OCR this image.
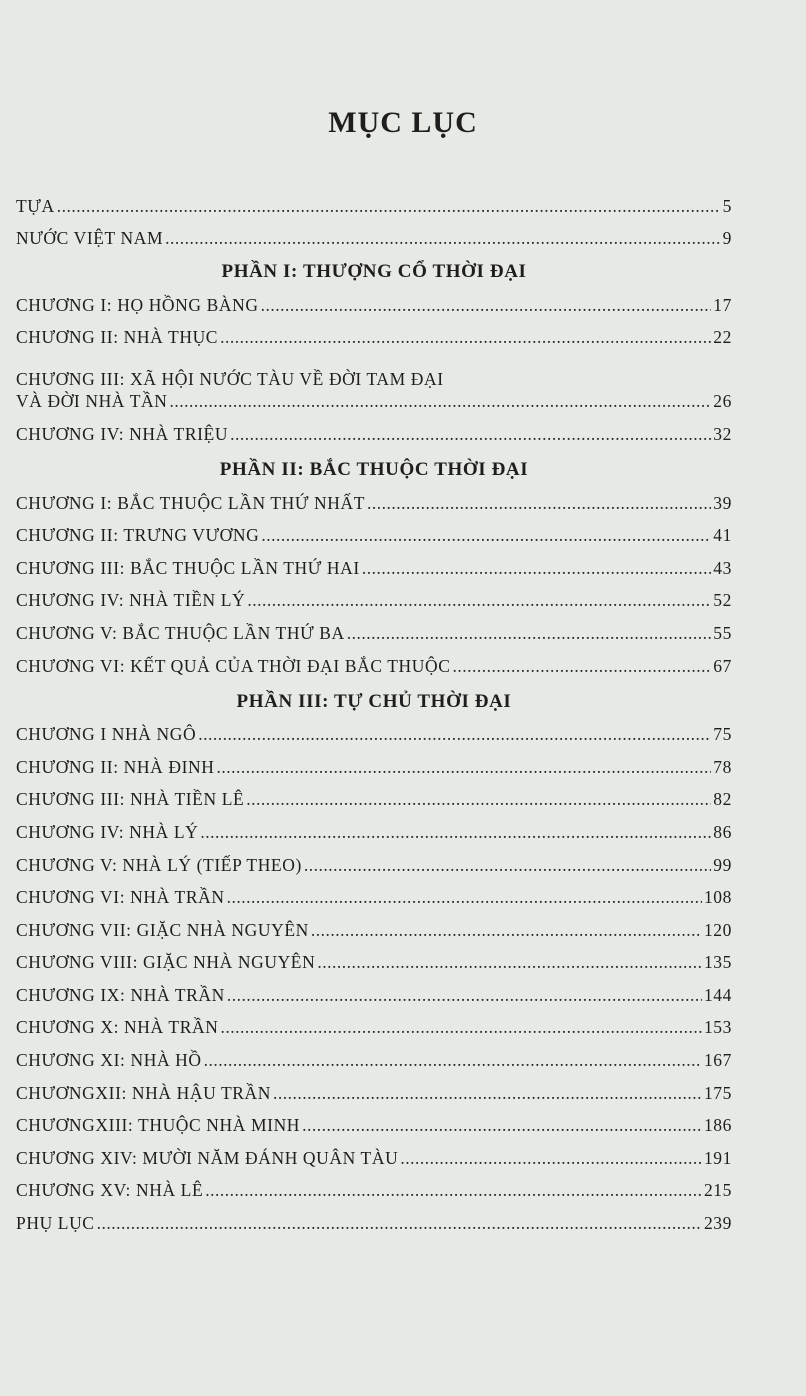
MỤC LỤC
TỰA .....	5
NƯỚC VIỆT NAM .....	9
PHẦN I: THƯỢNG CỔ THỜI ĐẠI
CHƯƠNG I: HỌ HỒNG BÀNG .....	17
CHƯƠNG II: NHÀ THỤC .....	22
CHƯƠNG III: XÃ HỘI NƯỚC TÀU VỀ ĐỜI TAM ĐẠI
VÀ ĐỜI NHÀ TẦN .....	26
CHƯƠNG IV: NHÀ TRIỆU .....	32
PHẦN II: BẮC THUỘC THỜI ĐẠI
CHƯƠNG I: BẮC THUỘC LẦN THỨ NHẤT .....	39
CHƯƠNG II: TRƯNG VƯƠNG .....	41
CHƯƠNG III: BẮC THUỘC LẦN THỨ HAI .....	43
CHƯƠNG IV: NHÀ TIỀN LÝ .....	52
CHƯƠNG V: BẮC THUỘC LẦN THỨ BA .....	55
CHƯƠNG VI: KẾT QUẢ CỦA THỜI ĐẠI BẮC THUỘC .....	67
PHẦN III: TỰ CHỦ THỜI ĐẠI
CHƯƠNG I NHÀ NGÔ .....	75
CHƯƠNG II: NHÀ ĐINH .....	78
CHƯƠNG III: NHÀ TIỀN LÊ .....	82
CHƯƠNG IV: NHÀ LÝ .....	86
CHƯƠNG V: NHÀ LÝ (TIẾP THEO) .....	99
CHƯƠNG VI: NHÀ TRẦN .....	108
CHƯƠNG VII: GIẶC NHÀ NGUYÊN .....	120
CHƯƠNG VIII: GIẶC NHÀ NGUYÊN .....	135
CHƯƠNG IX: NHÀ TRẦN .....	144
CHƯƠNG X: NHÀ TRẦN .....	153
CHƯƠNG XI: NHÀ HỒ .....	167
CHƯƠNGXII: NHÀ HẬU TRẦN .....	175
CHƯƠNGXIII: THUỘC NHÀ MINH .....	186
CHƯƠNG XIV: MƯỜI NĂM ĐÁNH QUÂN TÀU .....	191
CHƯƠNG XV: NHÀ LÊ .....	215
PHỤ LỤC .....	239
